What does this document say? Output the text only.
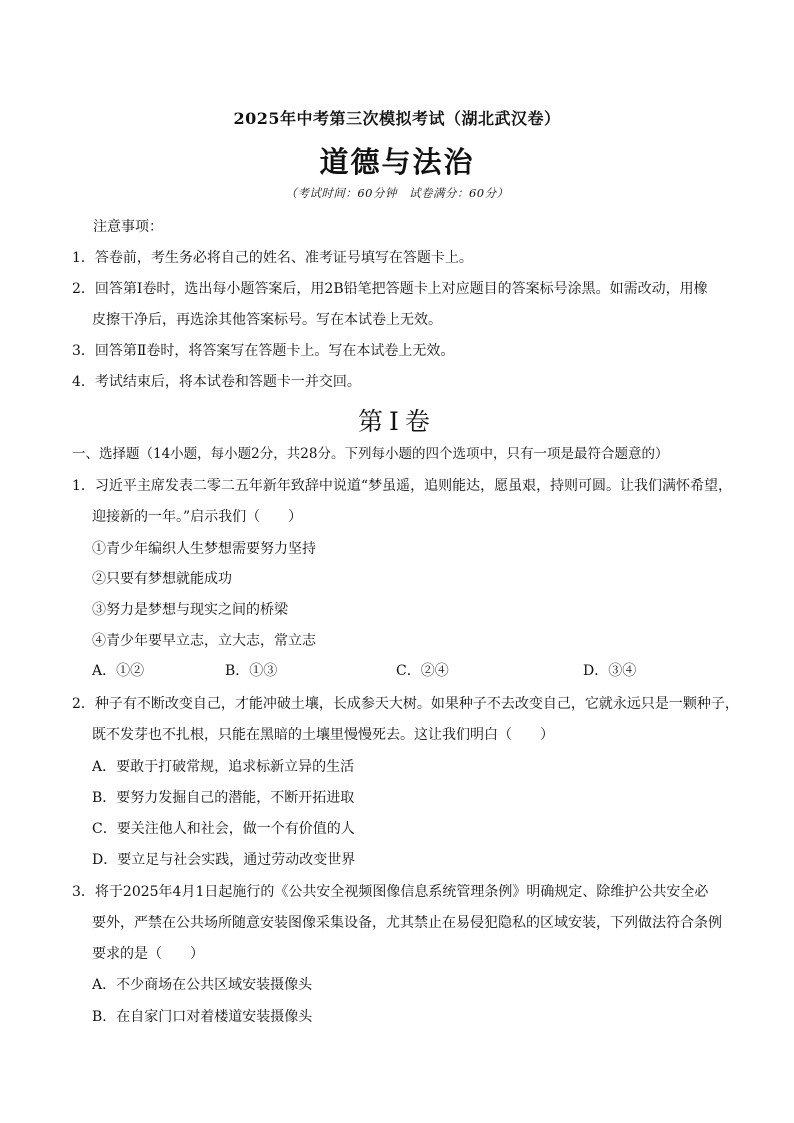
2025年中考第三次模拟考试（湖北武汉卷）
道德与法治
（考试时间：60分钟　试卷满分：60分）
注意事项：
1．答卷前，考生务必将自己的姓名、准考证号填写在答题卡上。
2．回答第Ⅰ卷时，选出每小题答案后，用2B铅笔把答题卡上对应题目的答案标号涂黑。如需改动，用橡
皮擦干净后，再选涂其他答案标号。写在本试卷上无效。
3．回答第Ⅱ卷时，将答案写在答题卡上。写在本试卷上无效。
4．考试结束后，将本试卷和答题卡一并交回。
第Ⅰ卷
一、选择题（14小题，每小题2分，共28分。下列每小题的四个选项中，只有一项是最符合题意的）
1．习近平主席发表二零二五年新年致辞中说道“梦虽遥，追则能达，愿虽艰，持则可圆。让我们满怀希望，
迎接新的一年。”启示我们（　　）
①青少年编织人生梦想需要努力坚持
②只要有梦想就能成功
③努力是梦想与现实之间的桥梁
④青少年要早立志，立大志，常立志
A．①②	B．①③	C．②④	D．③④
2．种子有不断改变自己，才能冲破土壤，长成参天大树。如果种子不去改变自己，它就永远只是一颗种子，
既不发芽也不扎根，只能在黑暗的土壤里慢慢死去。这让我们明白（　　）
A．要敢于打破常规，追求标新立异的生活
B．要努力发掘自己的潜能，不断开拓进取
C．要关注他人和社会，做一个有价值的人
D．要立足与社会实践，通过劳动改变世界
3．将于2025年4月1日起施行的《公共安全视频图像信息系统管理条例》明确规定、除维护公共安全必
要外，严禁在公共场所随意安装图像采集设备，尤其禁止在易侵犯隐私的区域安装，下列做法符合条例
要求的是（　　）
A．不少商场在公共区域安装摄像头
B．在自家门口对着楼道安装摄像头
